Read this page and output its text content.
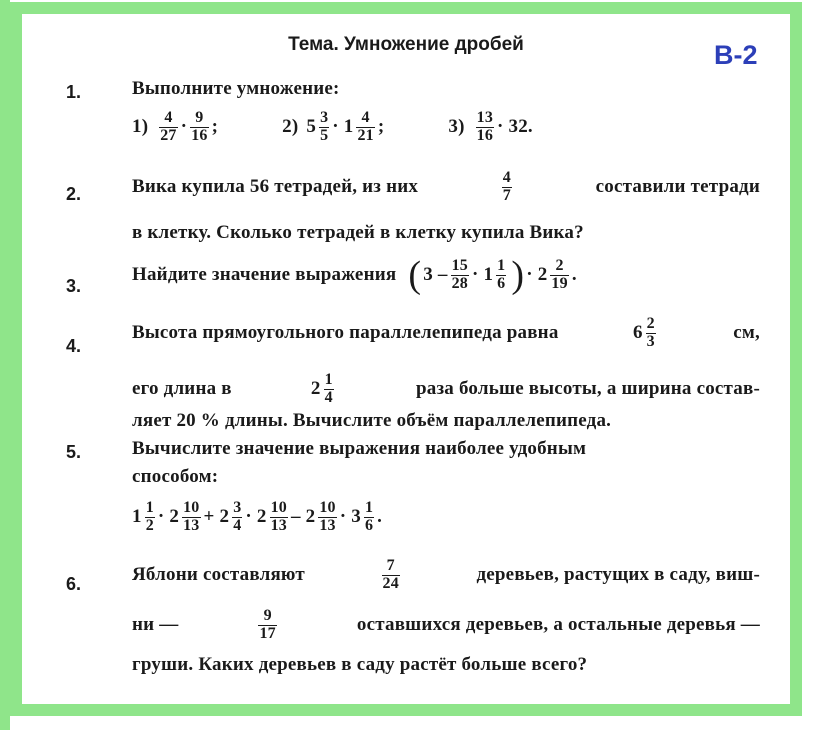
Тема. Умножение дробей	В-2
1.	Выполните умножение:
$1) \frac{4}{27} \cdot \frac{9}{16}$ ;	2) $5 \frac{3}{5} \cdot 1 \frac{4}{21}$ ;	$3) \frac{13}{16} \cdot 32$.
2.	Вика купила 56 тетрадей, из них	$\frac{4}{7}$	составили тетради
в клетку. Сколько тетрадей в клетку купила Вика?
3.
Найдите значение выражения ( $3 - \frac{15}{28} \cdot 1 \frac{1}{6}$ ) · $2 \frac{2}{19}$ .
4.
Высота прямоугольного параллелепипеда равна	$6 \frac{2}{3}$	см,
его длина в	$2 \frac{1}{4}$	раза больше высоты, а ширина состав-
ляет 20 % длины. Вычислите объём параллелепипеда.
5.	Вычислите значение выражения наиболее удобным
способом:
$1 \frac{1}{2} \cdot 2 \frac{10}{13} + 2 \frac{3}{4} \cdot 2 \frac{10}{13} - 2 \frac{10}{13} \cdot 3 \frac{1}{6}$ .
6.	Яблони составляют	$\frac{7}{24}$	деревьев, растущих в саду, виш-
ни —	$\frac{9}{17}$	оставшихся деревьев, а остальные деревья —
груши. Каких деревьев в саду растёт больше всего?
